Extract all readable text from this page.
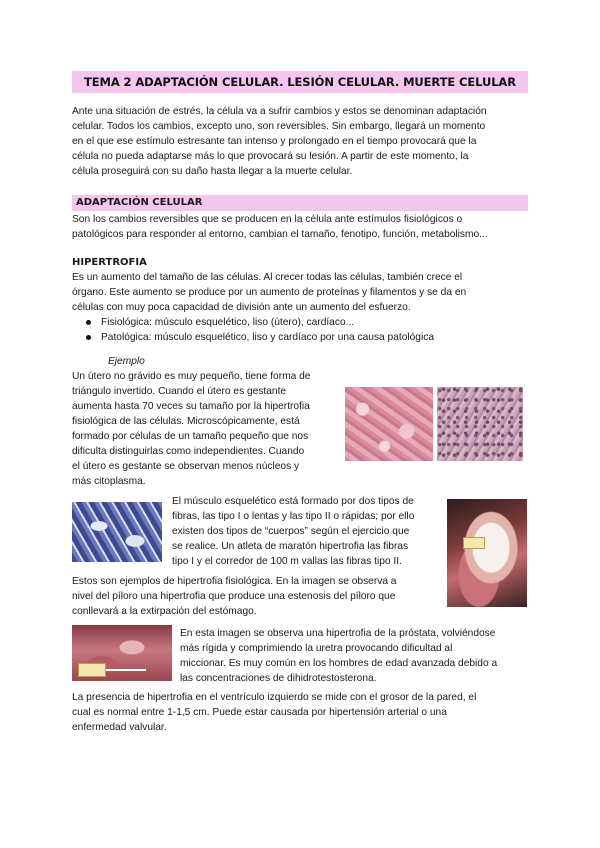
TEMA 2 ADAPTACIÓN CELULAR. LESIÓN CELULAR. MUERTE CELULAR
Ante una situación de estrés, la célula va a sufrir cambios y estos se denominan adaptación
celular. Todos los cambios, excepto uno, son reversibles. Sin embargo, llegará un momento
en el que ese estímulo estresante tan intenso y prolongado en el tiempo provocará que la
célula no pueda adaptarse más lo que provocará su lesión. A partir de este momento, la
célula proseguirá con su daño hasta llegar a la muerte celular.
ADAPTACIÓN CELULAR
Son los cambios reversibles que se producen en la célula ante estímulos fisiológicos o
patológicos para responder al entorno, cambian el tamaño, fenotipo, función, metabolismo...
HIPERTROFIA
Es un aumento del tamaño de las células. Al crecer todas las células, también crece el
órgano. Este aumento se produce por un aumento de proteínas y filamentos y se da en
células con muy poca capacidad de división ante un aumento del esfuerzo.
Fisiológica: músculo esquelético, liso (útero), cardíaco...
Patológica: músculo esquelético, liso y cardíaco por una causa patológica
Ejemplo
Un útero no grávido es muy pequeño, tiene forma de
triángulo invertido. Cuando el útero es gestante
aumenta hasta 70 veces su tamaño por la hipertrofia
fisiológica de las células. Microscópicamente, está
formado por células de un tamaño pequeño que nos
dificulta distinguirlas como independientes. Cuando
el útero es gestante se observan menos núcleos y
más citoplasma.
El músculo esquelético está formado por dos tipos de
fibras, las tipo I o lentas y las tipo II o rápidas; por ello
existen dos tipos de “cuerpos” según el ejercicio que
se realice. Un atleta de maratón hipertrofia las fibras
tipo I y el corredor de 100 m vallas las fibras tipo II.
Estos son ejemplos de hipertrofia fisiológica. En la imagen se observa a
nivel del píloro una hipertrofia que produce una estenosis del píloro que
conllevará a la extirpación del estómago.
En esta imagen se observa una hipertrofia de la próstata, volviéndose
más rígida y comprimiendo la uretra provocando dificultad al
miccionar. Es muy común en los hombres de edad avanzada debido a
las concentraciones de dihidrotestosterona.
La presencia de hipertrofia en el ventrículo izquierdo se mide con el grosor de la pared, el
cual es normal entre 1-1,5 cm. Puede estar causada por hipertensión arterial o una
enfermedad valvular.
